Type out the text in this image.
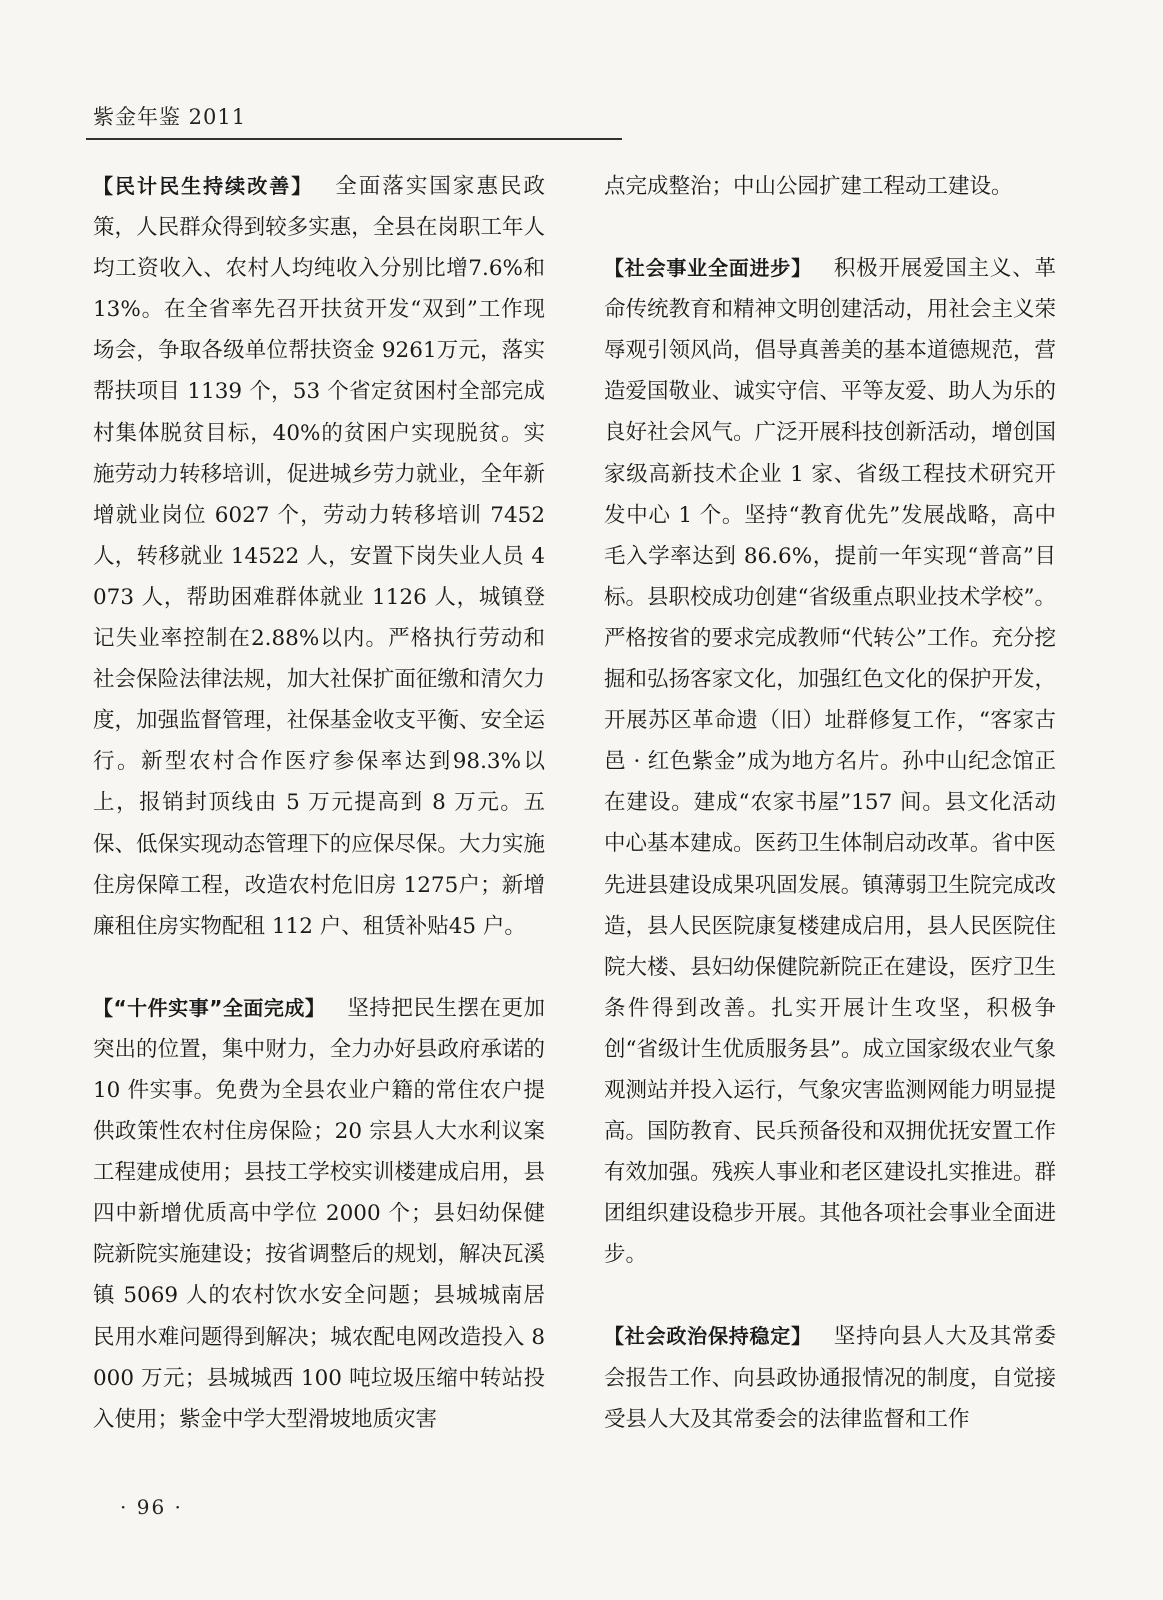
紫金年鉴 2011

【民计民生持续改善】 全面落实国家惠民政策，人民群众得到较多实惠，全县在岗职工年人均工资收入、农村人均纯收入分别比增7.6%和13%。在全省率先召开扶贫开发“双到”工作现场会，争取各级单位帮扶资金 9261万元，落实帮扶项目 1139 个，53 个省定贫困村全部完成村集体脱贫目标，40%的贫困户实现脱贫。实施劳动力转移培训，促进城乡劳力就业，全年新增就业岗位 6027 个，劳动力转移培训 7452 人，转移就业 14522 人，安置下岗失业人员 4073 人，帮助困难群体就业 1126 人，城镇登记失业率控制在2.88%以内。严格执行劳动和社会保险法律法规，加大社保扩面征缴和清欠力度，加强监督管理，社保基金收支平衡、安全运行。新型农村合作医疗参保率达到98.3%以上，报销封顶线由 5 万元提高到 8 万元。五保、低保实现动态管理下的应保尽保。大力实施住房保障工程，改造农村危旧房 1275户；新增廉租住房实物配租 112 户、租赁补贴45 户。

【“十件实事”全面完成】 坚持把民生摆在更加突出的位置，集中财力，全力办好县政府承诺的 10 件实事。免费为全县农业户籍的常住农户提供政策性农村住房保险；20 宗县人大水利议案工程建成使用；县技工学校实训楼建成启用，县四中新增优质高中学位 2000 个；县妇幼保健院新院实施建设；按省调整后的规划，解决瓦溪镇 5069 人的农村饮水安全问题；县城城南居民用水难问题得到解决；城农配电网改造投入 8000 万元；县城城西 100 吨垃圾压缩中转站投入使用；紫金中学大型滑坡地质灾害

点完成整治；中山公园扩建工程动工建设。

【社会事业全面进步】 积极开展爱国主义、革命传统教育和精神文明创建活动，用社会主义荣辱观引领风尚，倡导真善美的基本道德规范，营造爱国敬业、诚实守信、平等友爱、助人为乐的良好社会风气。广泛开展科技创新活动，增创国家级高新技术企业 1 家、省级工程技术研究开发中心 1 个。坚持“教育优先”发展战略，高中毛入学率达到 86.6%，提前一年实现“普高”目标。县职校成功创建“省级重点职业技术学校”。严格按省的要求完成教师“代转公”工作。充分挖掘和弘扬客家文化，加强红色文化的保护开发，开展苏区革命遗（旧）址群修复工作，“客家古邑 · 红色紫金”成为地方名片。孙中山纪念馆正在建设。建成“农家书屋”157 间。县文化活动中心基本建成。医药卫生体制启动改革。省中医先进县建设成果巩固发展。镇薄弱卫生院完成改造，县人民医院康复楼建成启用，县人民医院住院大楼、县妇幼保健院新院正在建设，医疗卫生条件得到改善。扎实开展计生攻坚，积极争创“省级计生优质服务县”。成立国家级农业气象观测站并投入运行，气象灾害监测网能力明显提高。国防教育、民兵预备役和双拥优抚安置工作有效加强。残疾人事业和老区建设扎实推进。群团组织建设稳步开展。其他各项社会事业全面进步。

【社会政治保持稳定】 坚持向县人大及其常委会报告工作、向县政协通报情况的制度，自觉接受县人大及其常委会的法律监督和工作

· 96 ·
